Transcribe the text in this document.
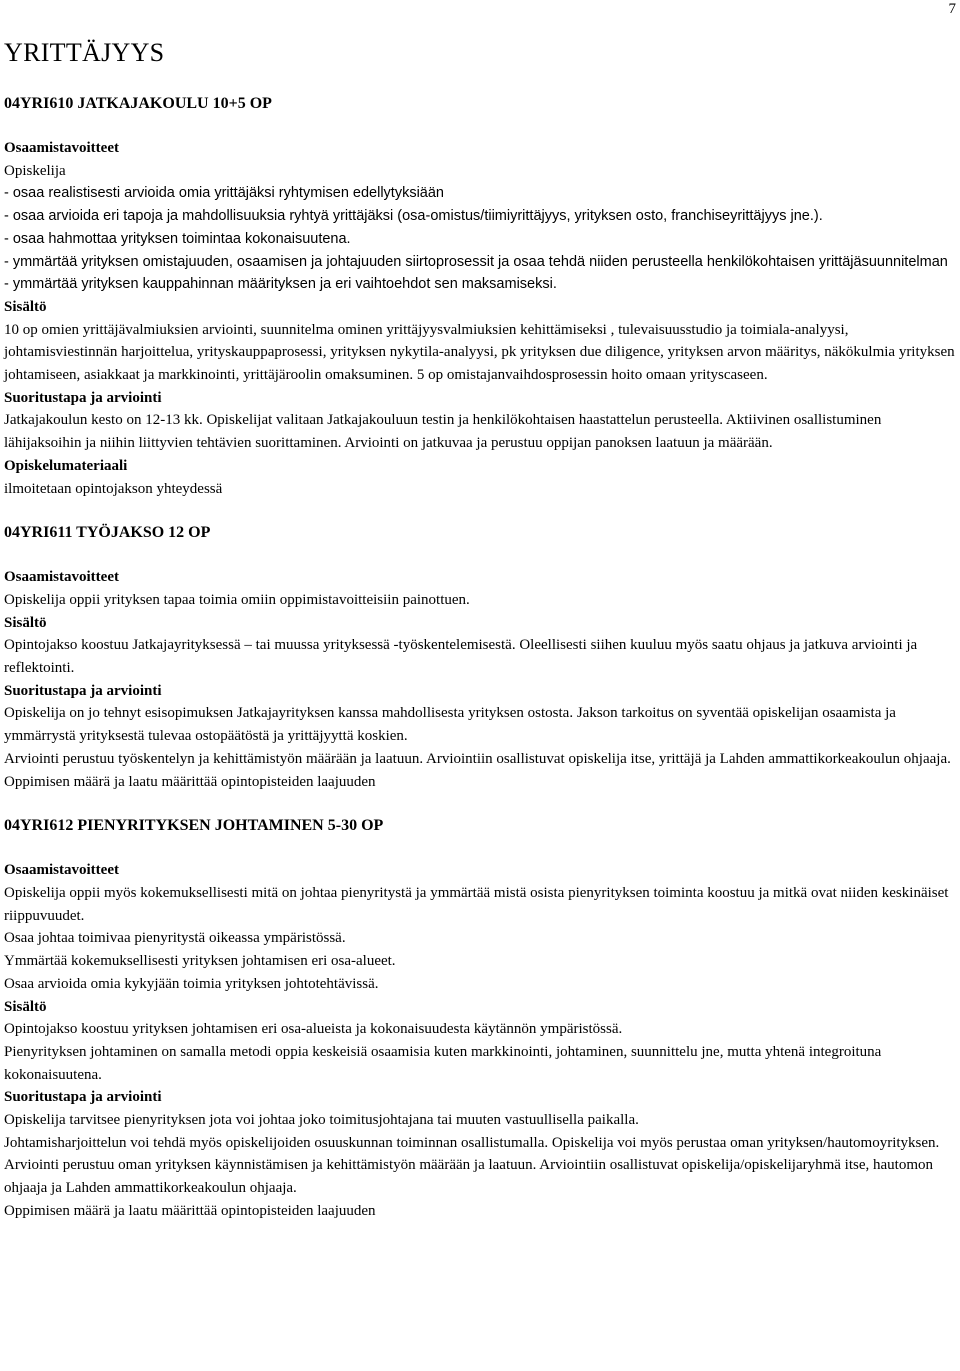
7
YRITTÄJYYS
04YRI610 JATKAJAKOULU 10+5 OP
Osaamistavoitteet
Opiskelija
- osaa realistisesti arvioida omia yrittäjäksi ryhtymisen edellytyksiään
- osaa arvioida eri tapoja ja mahdollisuuksia ryhtyä yrittäjäksi (osa-omistus/tiimiyrittäjyys, yrityksen osto, franchiseyrittäjyys jne.).
- osaa hahmottaa yrityksen toimintaa kokonaisuutena.
- ymmärtää yrityksen omistajuuden, osaamisen ja johtajuuden siirtoprosessit ja osaa tehdä niiden perusteella henkilökohtaisen yrittäjäsuunnitelman
- ymmärtää yrityksen kauppahinnan määrityksen ja eri vaihtoehdot sen maksamiseksi.
Sisältö
10 op omien yrittäjävalmiuksien arviointi, suunnitelma ominen yrittäjyysvalmiuksien kehittämiseksi , tulevaisuusstudio ja toimiala-analyysi, johtamisviestinnän harjoittelua, yrityskauppaprosessi, yrityksen nykytila-analyysi, pk yrityksen due diligence, yrityksen arvon määritys, näkökulmia yrityksen johtamiseen, asiakkaat ja markkinointi, yrittäjäroolin omaksuminen. 5 op omistajanvaihdosprosessin hoito omaan yrityscaseen.
Suoritustapa ja arviointi
Jatkajakoulun kesto on 12-13 kk. Opiskelijat valitaan Jatkajakouluun testin ja henkilökohtaisen haastattelun perusteella. Aktiivinen osallistuminen lähijaksoihin ja niihin liittyvien tehtävien suorittaminen. Arviointi on jatkuvaa ja perustuu oppijan panoksen laatuun ja määrään.
Opiskelumateriaali
ilmoitetaan opintojakson yhteydessä
04YRI611 TYÖJAKSO 12 OP
Osaamistavoitteet
Opiskelija oppii yrityksen tapaa toimia omiin oppimistavoitteisiin painottuen.
Sisältö
Opintojakso koostuu Jatkajayrityksessä – tai muussa yrityksessä -työskentelemisestä. Oleellisesti siihen kuuluu myös saatu ohjaus ja jatkuva arviointi ja reflektointi.
Suoritustapa ja arviointi
Opiskelija on jo tehnyt esisopimuksen Jatkajayrityksen kanssa mahdollisesta yrityksen ostosta. Jakson tarkoitus on syventää opiskelijan osaamista ja ymmärrystä yrityksestä tulevaa ostopäätöstä ja yrittäjyyttä koskien.
Arviointi perustuu työskentelyn ja kehittämistyön määrään ja laatuun. Arviointiin osallistuvat opiskelija itse, yrittäjä ja Lahden ammattikorkeakoulun ohjaaja.
Oppimisen määrä ja laatu määrittää opintopisteiden laajuuden
04YRI612 PIENYRITYKSEN JOHTAMINEN 5-30 OP
Osaamistavoitteet
Opiskelija oppii myös kokemuksellisesti mitä on johtaa pienyritystä ja ymmärtää mistä osista pienyrityksen toiminta koostuu ja mitkä ovat niiden keskinäiset riippuvuudet.
Osaa johtaa toimivaa pienyritystä oikeassa ympäristössä.
Ymmärtää kokemuksellisesti yrityksen johtamisen eri osa-alueet.
Osaa arvioida omia kykyjään toimia yrityksen johtotehtävissä.
Sisältö
Opintojakso koostuu yrityksen johtamisen eri osa-alueista ja kokonaisuudesta käytännön ympäristössä.
Pienyrityksen johtaminen on samalla metodi oppia keskeisiä osaamisia kuten markkinointi, johtaminen, suunnittelu jne, mutta yhtenä integroituna kokonaisuutena.
Suoritustapa ja arviointi
Opiskelija tarvitsee pienyrityksen jota voi johtaa joko toimitusjohtajana tai muuten vastuullisella paikalla.
Johtamisharjoittelun voi tehdä myös opiskelijoiden osuuskunnan toiminnan osallistumalla. Opiskelija voi myös perustaa oman yrityksen/hautomoyrityksen.
Arviointi perustuu oman yrityksen käynnistämisen ja kehittämistyön määrään ja laatuun. Arviointiin osallistuvat opiskelija/opiskelijaryhmä itse, hautomon ohjaaja ja Lahden ammattikorkeakoulun ohjaaja.
Oppimisen määrä ja laatu määrittää opintopisteiden laajuuden
